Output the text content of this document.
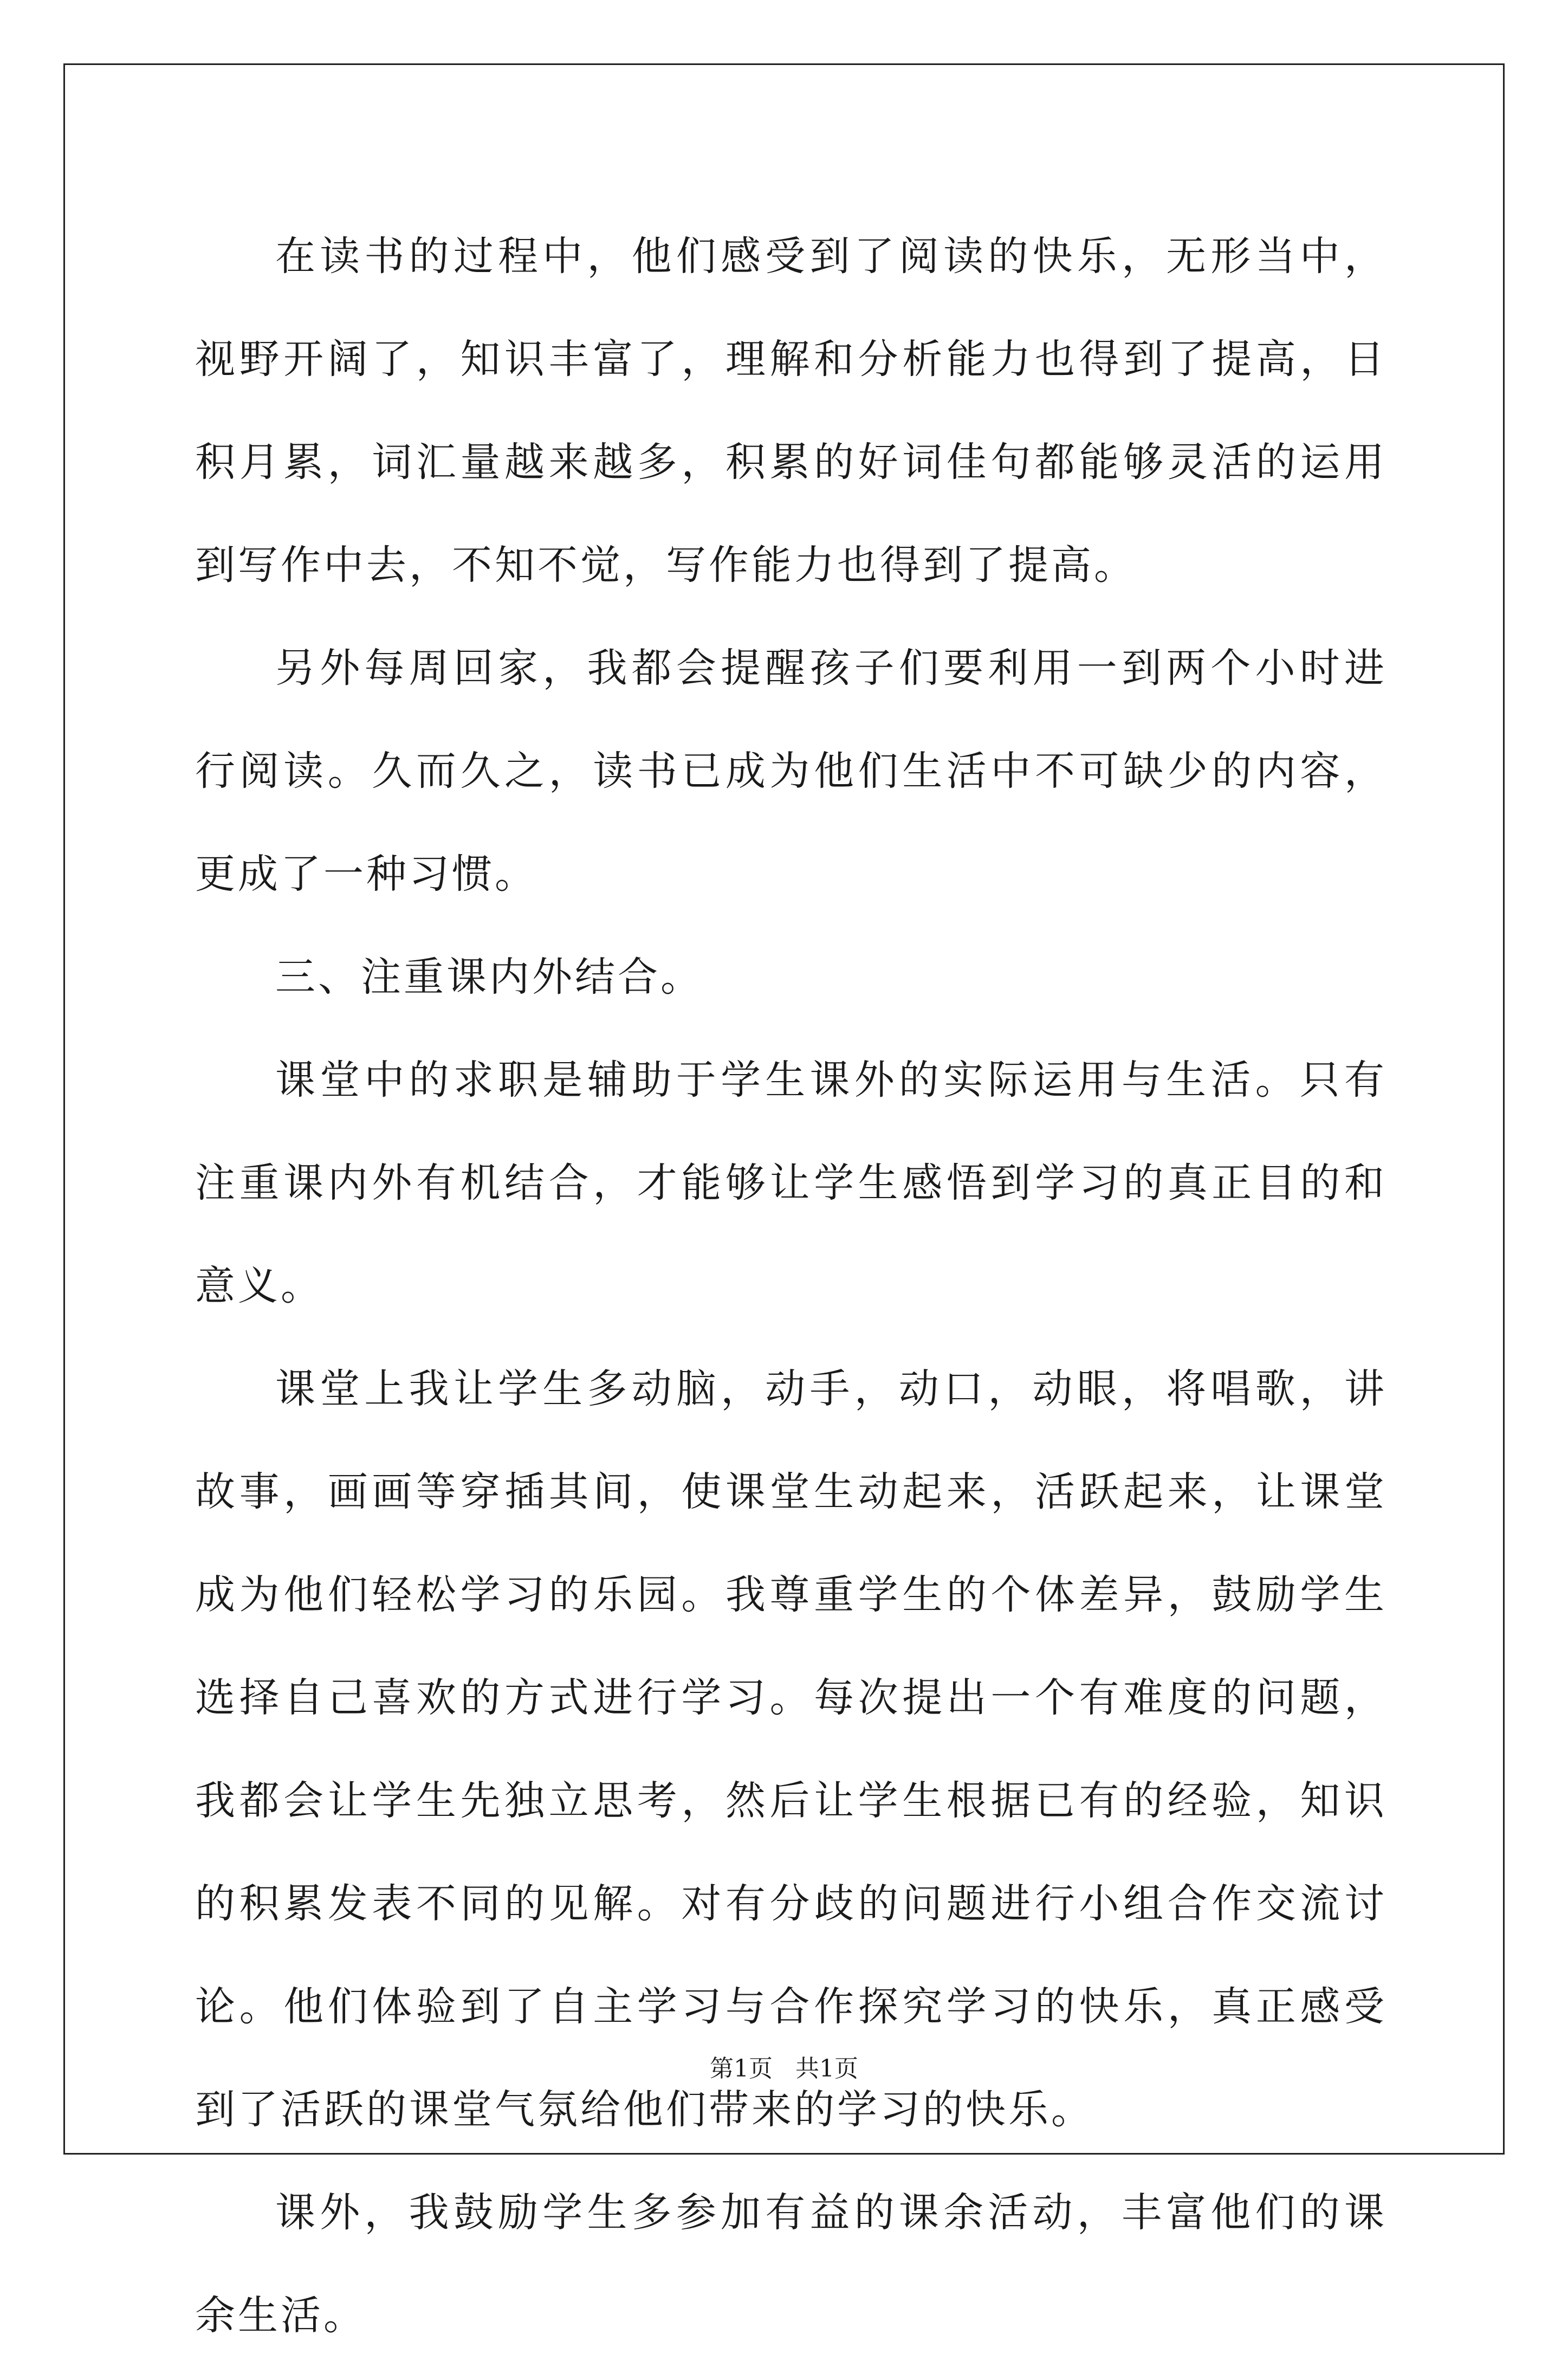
在读书的过程中，他们感受到了阅读的快乐，无形当中，视野开阔了，知识丰富了，理解和分析能力也得到了提高，日积月累，词汇量越来越多，积累的好词佳句都能够灵活的运用到写作中去，不知不觉，写作能力也得到了提高。

另外每周回家，我都会提醒孩子们要利用一到两个小时进行阅读。久而久之，读书已成为他们生活中不可缺少的内容，更成了一种习惯。

三、注重课内外结合。

课堂中的求职是辅助于学生课外的实际运用与生活。只有注重课内外有机结合，才能够让学生感悟到学习的真正目的和意义。

课堂上我让学生多动脑，动手，动口，动眼，将唱歌，讲故事，画画等穿插其间，使课堂生动起来，活跃起来，让课堂成为他们轻松学习的乐园。我尊重学生的个体差异，鼓励学生选择自己喜欢的方式进行学习。每次提出一个有难度的问题，我都会让学生先独立思考，然后让学生根据已有的经验，知识的积累发表不同的见解。对有分歧的问题进行小组合作交流讨论。他们体验到了自主学习与合作探究学习的快乐，真正感受到了活跃的课堂气氛给他们带来的学习的快乐。

课外，我鼓励学生多参加有益的课余活动，丰富他们的课余生活。

第1页   共1页
